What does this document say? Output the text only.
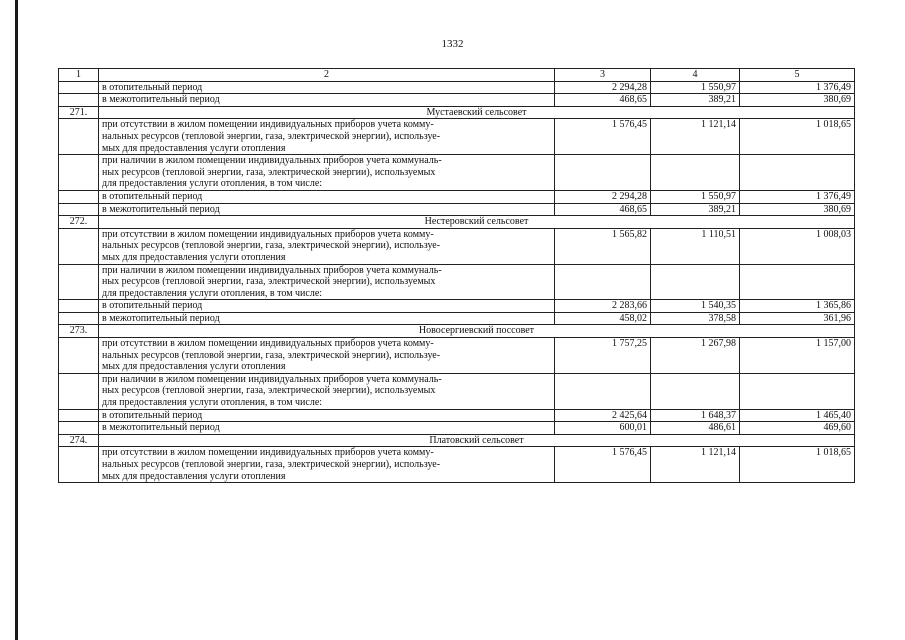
1332
1	2	3	4	5
	в отопительный период	2 294,28	1 550,97	1 376,49
	в межотопительный период	468,65	389,21	380,69
271.	Мустаевский сельсовет			

	при отсутствии в жилом помещении индивидуальных приборов учета комму-
нальных ресурсов (тепловой энергии, газа, электрической энергии), используе-
мых для предоставления услуги отопления	1 576,45	1 121,14	1 018,65

	при наличии в жилом помещении индивидуальных приборов учета коммуналь-
ных ресурсов (тепловой энергии, газа, электрической энергии), используемых
для предоставления услуги отопления, в том числе:			

	в отопительный период	2 294,28	1 550,97	1 376,49
	в межотопительный период	468,65	389,21	380,69
272.	Нестеровский сельсовет			

	при отсутствии в жилом помещении индивидуальных приборов учета комму-
нальных ресурсов (тепловой энергии, газа, электрической энергии), используе-
мых для предоставления услуги отопления	1 565,82	1 110,51	1 008,03

	при наличии в жилом помещении индивидуальных приборов учета коммуналь-
ных ресурсов (тепловой энергии, газа, электрической энергии), используемых
для предоставления услуги отопления, в том числе:			

	в отопительный период	2 283,66	1 540,35	1 365,86
	в межотопительный период	458,02	378,58	361,96
273.	Новосергиевский поссовет			

	при отсутствии в жилом помещении индивидуальных приборов учета комму-
нальных ресурсов (тепловой энергии, газа, электрической энергии), используе-
мых для предоставления услуги отопления	1 757,25	1 267,98	1 157,00

	при наличии в жилом помещении индивидуальных приборов учета коммуналь-
ных ресурсов (тепловой энергии, газа, электрической энергии), используемых
для предоставления услуги отопления, в том числе:			

	в отопительный период	2 425,64	1 648,37	1 465,40
	в межотопительный период	600,01	486,61	469,60
274.	Платовский сельсовет			

	при отсутствии в жилом помещении индивидуальных приборов учета комму-
нальных ресурсов (тепловой энергии, газа, электрической энергии), используе-
мых для предоставления услуги отопления	1 576,45	1 121,14	1 018,65
